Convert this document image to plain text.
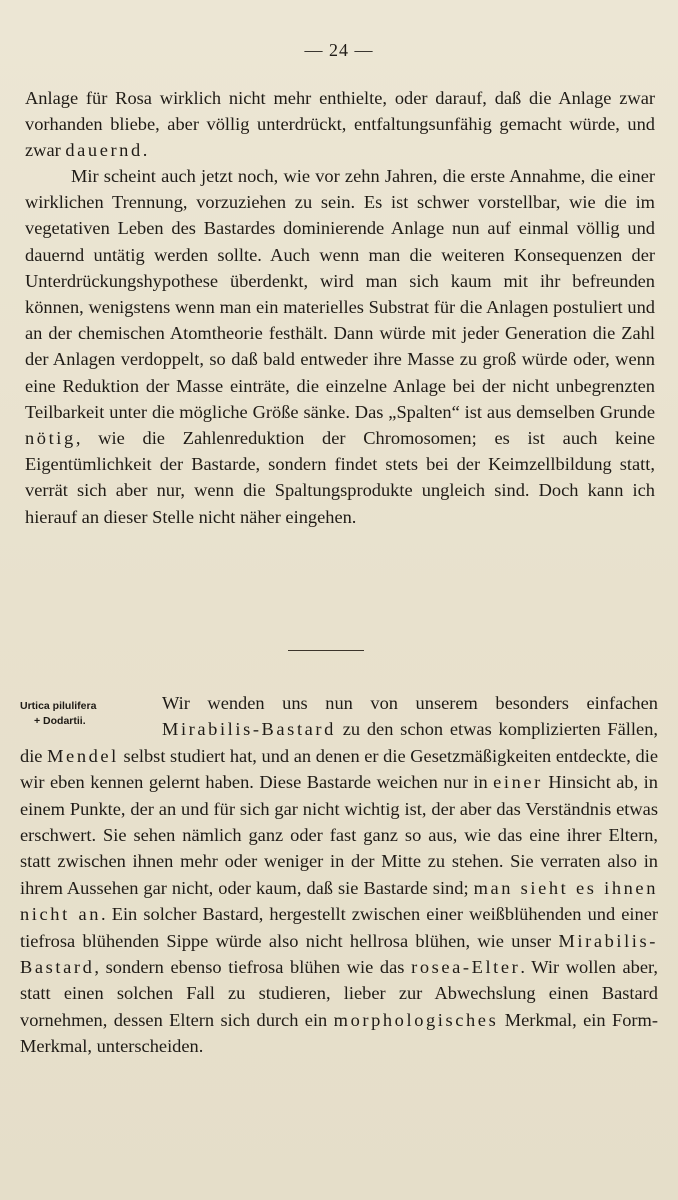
— 24 —

Anlage für Rosa wirklich nicht mehr enthielte, oder darauf, daß die Anlage zwar vorhanden bliebe, aber völlig unterdrückt, entfaltungsunfähig gemacht würde, und zwar dauernd.

Mir scheint auch jetzt noch, wie vor zehn Jahren, die erste Annahme, die einer wirklichen Trennung, vorzuziehen zu sein. Es ist schwer vorstellbar, wie die im vegetativen Leben des Bastardes dominierende Anlage nun auf einmal völlig und dauernd untätig werden sollte. Auch wenn man die weiteren Konsequenzen der Unterdrückungshypothese überdenkt, wird man sich kaum mit ihr befreunden können, wenigstens wenn man ein materielles Substrat für die Anlagen postuliert und an der chemischen Atomtheorie festhält. Dann würde mit jeder Generation die Zahl der Anlagen verdoppelt, so daß bald entweder ihre Masse zu groß würde oder, wenn eine Reduktion der Masse einträte, die einzelne Anlage bei der nicht unbegrenzten Teilbarkeit unter die mögliche Größe sänke. Das „Spalten“ ist aus demselben Grunde nötig, wie die Zahlenreduktion der Chromosomen; es ist auch keine Eigentümlichkeit der Bastarde, sondern findet stets bei der Keimzellbildung statt, verrät sich aber nur, wenn die Spaltungsprodukte ungleich sind. Doch kann ich hierauf an dieser Stelle nicht näher eingehen.

Urtica pilulifera
+ Dodartii.

Wir wenden uns nun von unserem besonders einfachen Mirabilis-Bastard zu den schon etwas komplizierten Fällen, die Mendel selbst studiert hat, und an denen er die Gesetzmäßigkeiten entdeckte, die wir eben kennen gelernt haben. Diese Bastarde weichen nur in einer Hinsicht ab, in einem Punkte, der an und für sich gar nicht wichtig ist, der aber das Verständnis etwas erschwert. Sie sehen nämlich ganz oder fast ganz so aus, wie das eine ihrer Eltern, statt zwischen ihnen mehr oder weniger in der Mitte zu stehen. Sie verraten also in ihrem Aussehen gar nicht, oder kaum, daß sie Bastarde sind; man sieht es ihnen nicht an. Ein solcher Bastard, hergestellt zwischen einer weißblühenden und einer tiefrosa blühenden Sippe würde also nicht hellrosa blühen, wie unser Mirabilis-Bastard, sondern ebenso tiefrosa blühen wie das rosea-Elter. Wir wollen aber, statt einen solchen Fall zu studieren, lieber zur Abwechslung einen Bastard vornehmen, dessen Eltern sich durch ein morphologisches Merkmal, ein Form-Merkmal, unterscheiden.
